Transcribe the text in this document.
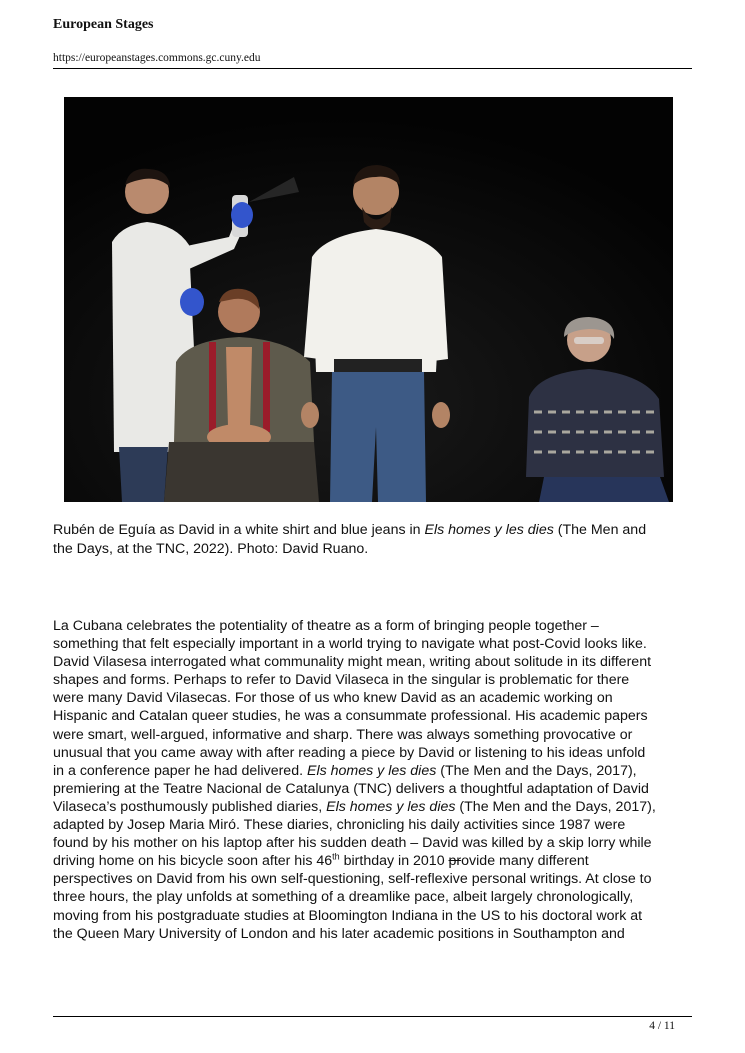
European Stages
https://europeanstages.commons.gc.cuny.edu
Rubén de Eguía as David in a white shirt and blue jeans in Els homes y les dies (The Men and
the Days, at the TNC, 2022). Photo: David Ruano.
La Cubana celebrates the potentiality of theatre as a form of bringing people together –
something that felt especially important in a world trying to navigate what post-Covid looks like.
David Vilasesa interrogated what communality might mean, writing about solitude in its different
shapes and forms. Perhaps to refer to David Vilaseca in the singular is problematic for there
were many David Vilasecas. For those of us who knew David as an academic working on
Hispanic and Catalan queer studies, he was a consummate professional. His academic papers
were smart, well-argued, informative and sharp. There was always something provocative or
unusual that you came away with after reading a piece by David or listening to his ideas unfold
in a conference paper he had delivered. Els homes y les dies (The Men and the Days, 2017),
premiering at the Teatre Nacional de Catalunya (TNC) delivers a thoughtful adaptation of David
Vilaseca’s posthumously published diaries, Els homes y les dies (The Men and the Days, 2017),
adapted by Josep Maria Miró. These diaries, chronicling his daily activities since 1987 were
found by his mother on his laptop after his sudden death – David was killed by a skip lorry while
driving home on his bicycle soon after his 46th birthday in 2010 provide many different
perspectives on David from his own self-questioning, self-reflexive personal writings. At close to
three hours, the play unfolds at something of a dreamlike pace, albeit largely chronologically,
moving from his postgraduate studies at Bloomington Indiana in the US to his doctoral work at
the Queen Mary University of London and his later academic positions in Southampton and
4 / 11
